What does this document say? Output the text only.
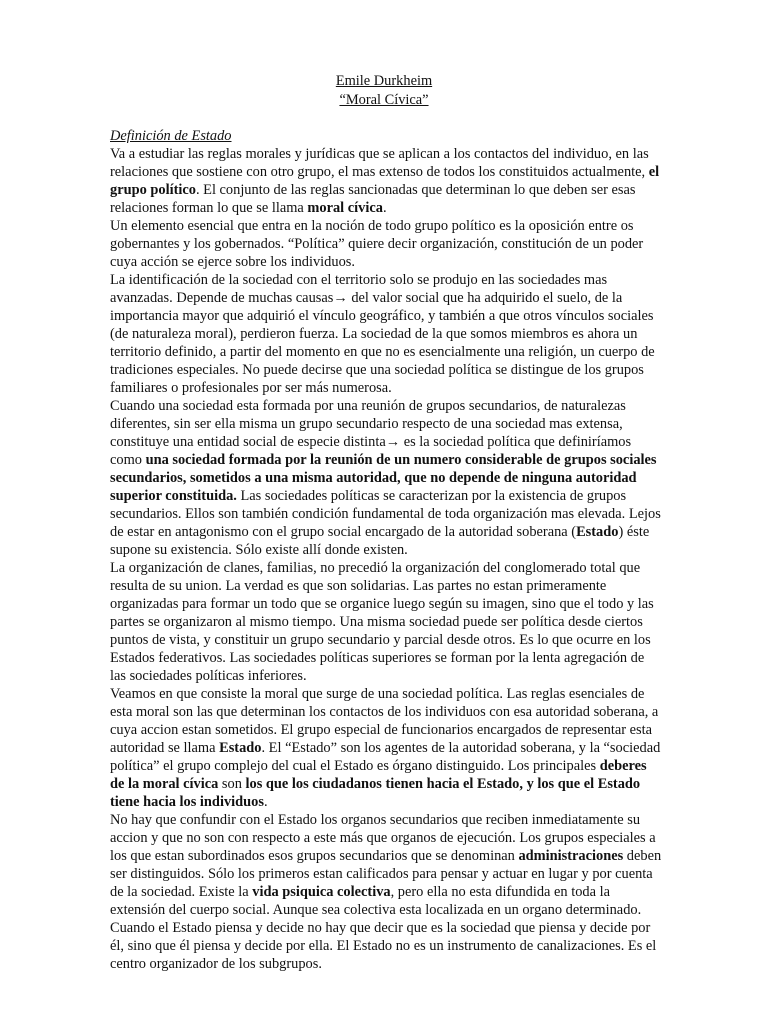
Emile Durkheim
“Moral Cívica”
Definición de Estado

Va a estudiar las reglas morales y jurídicas que se aplican a los contactos del individuo, en las relaciones que sostiene con otro grupo, el mas extenso de todos los constituidos actualmente, el grupo político. El conjunto de las reglas sancionadas que determinan lo que deben ser esas relaciones forman lo que se llama moral cívica.

Un elemento esencial que entra en la noción de todo grupo político es la oposición entre os gobernantes y los gobernados. “Política” quiere decir organización, constitución de un poder cuya acción se ejerce sobre los individuos.

La identificación de la sociedad con el territorio solo se produjo en las sociedades mas avanzadas. Depende de muchas causas→ del valor social que ha adquirido el suelo, de la importancia mayor que adquirió el vínculo geográfico, y también a que otros vínculos sociales (de naturaleza moral), perdieron fuerza. La sociedad de la que somos miembros es ahora un territorio definido, a partir del momento en que no es esencialmente una religión, un cuerpo de tradiciones especiales. No puede decirse que una sociedad política se distingue de los grupos familiares o profesionales por ser más numerosa.

Cuando una sociedad esta formada por una reunión de grupos secundarios, de naturalezas diferentes, sin ser ella misma un grupo secundario respecto de una sociedad mas extensa, constituye una entidad social de especie distinta→ es la sociedad política que definiríamos como una sociedad formada por la reunión de un numero considerable de grupos sociales secundarios, sometidos a una misma autoridad, que no depende de ninguna autoridad superior constituida. Las sociedades políticas se caracterizan por la existencia de grupos secundarios. Ellos son también condición fundamental de toda organización mas elevada. Lejos de estar en antagonismo con el grupo social encargado de la autoridad soberana (Estado) éste supone su existencia. Sólo existe allí donde existen.

La organización de clanes, familias, no precedió la organización del conglomerado total que resulta de su union. La verdad es que son solidarias. Las partes no estan primeramente organizadas para formar un todo que se organice luego según su imagen, sino que el todo y las partes se organizaron al mismo tiempo. Una misma sociedad puede ser política desde ciertos puntos de vista, y constituir un grupo secundario y parcial desde otros. Es lo que ocurre en los Estados federativos. Las sociedades políticas superiores se forman por la lenta agregación de las sociedades políticas inferiores.

Veamos en que consiste la moral que surge de una sociedad política. Las reglas esenciales de esta moral son las que determinan los contactos de los individuos con esa autoridad soberana, a cuya accion estan sometidos. El grupo especial de funcionarios encargados de representar esta autoridad se llama Estado. El “Estado” son los agentes de la autoridad soberana, y la “sociedad política” el grupo complejo del cual el Estado es órgano distinguido. Los principales deberes de la moral cívica son los que los ciudadanos tienen hacia el Estado, y los que el Estado tiene hacia los individuos.

No hay que confundir con el Estado los organos secundarios que reciben inmediatamente su accion y que no son con respecto a este más que organos de ejecución. Los grupos especiales a los que estan subordinados esos grupos secundarios que se denominan administraciones deben ser distinguidos. Sólo los primeros estan calificados para pensar y actuar en lugar y por cuenta de la sociedad. Existe la vida psiquica colectiva, pero ella no esta difundida en toda la extensión del cuerpo social. Aunque sea colectiva esta localizada en un organo determinado. Cuando el Estado piensa y decide no hay que decir que es la sociedad que piensa y decide por él, sino que él piensa y decide por ella. El Estado no es un instrumento de canalizaciones. Es el centro organizador de los subgrupos.
